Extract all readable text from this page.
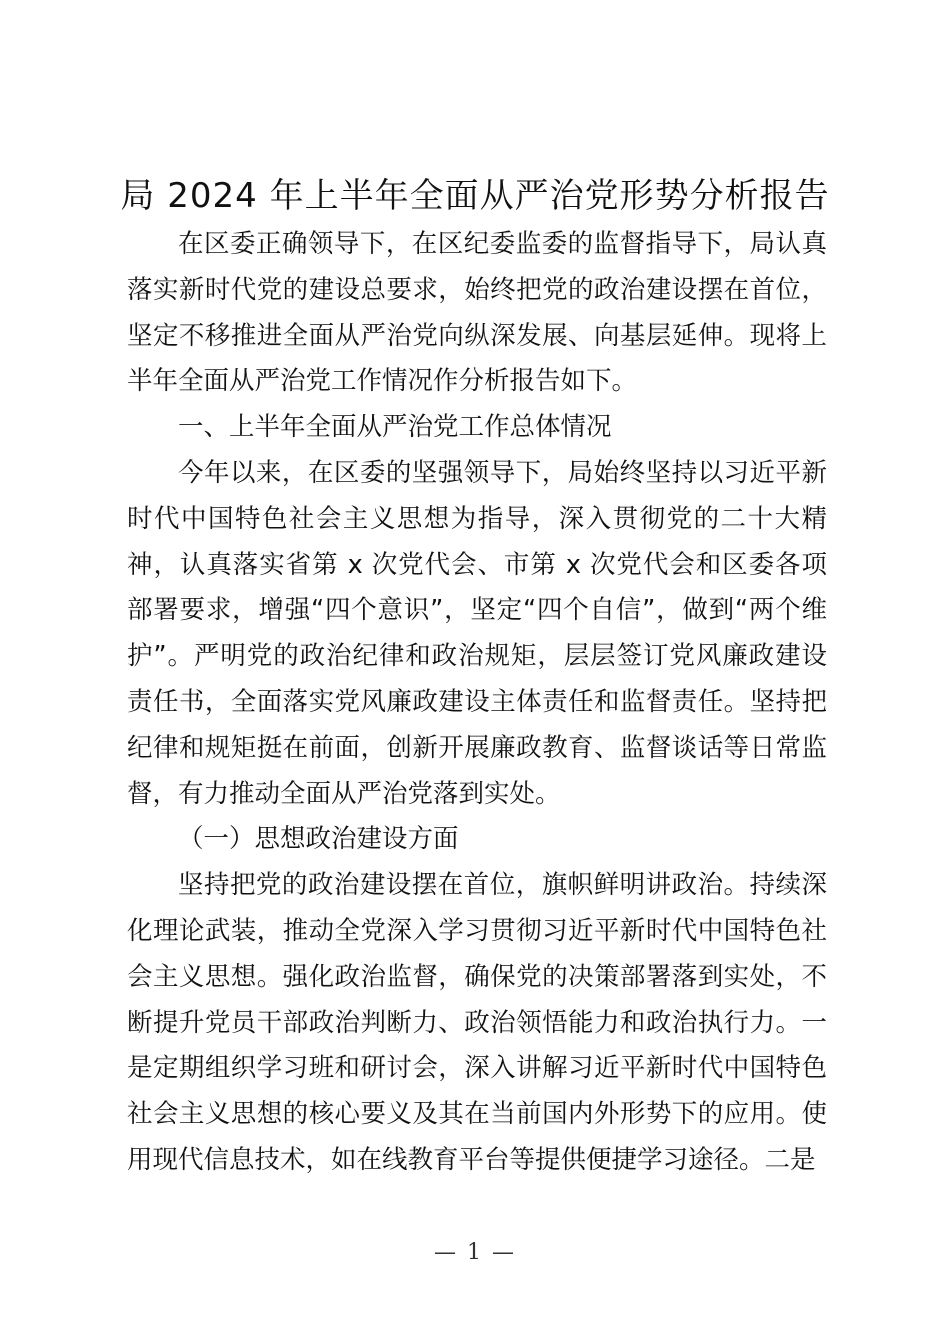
局 2024 年上半年全面从严治党形势分析报告

在区委正确领导下，在区纪委监委的监督指导下，局认真落实新时代党的建设总要求，始终把党的政治建设摆在首位，坚定不移推进全面从严治党向纵深发展、向基层延伸。现将上半年全面从严治党工作情况作分析报告如下。

一、上半年全面从严治党工作总体情况

今年以来，在区委的坚强领导下，局始终坚持以习近平新时代中国特色社会主义思想为指导，深入贯彻党的二十大精神，认真落实省第 x 次党代会、市第 x 次党代会和区委各项部署要求，增强“四个意识”，坚定“四个自信”，做到“两个维护”。严明党的政治纪律和政治规矩，层层签订党风廉政建设责任书，全面落实党风廉政建设主体责任和监督责任。坚持把纪律和规矩挺在前面，创新开展廉政教育、监督谈话等日常监督，有力推动全面从严治党落到实处。

（一）思想政治建设方面

坚持把党的政治建设摆在首位，旗帜鲜明讲政治。持续深化理论武装，推动全党深入学习贯彻习近平新时代中国特色社会主义思想。强化政治监督，确保党的决策部署落到实处，不断提升党员干部政治判断力、政治领悟能力和政治执行力。一是定期组织学习班和研讨会，深入讲解习近平新时代中国特色社会主义思想的核心要义及其在当前国内外形势下的应用。使用现代信息技术，如在线教育平台等提供便捷学习途径。二是

— 1 —
